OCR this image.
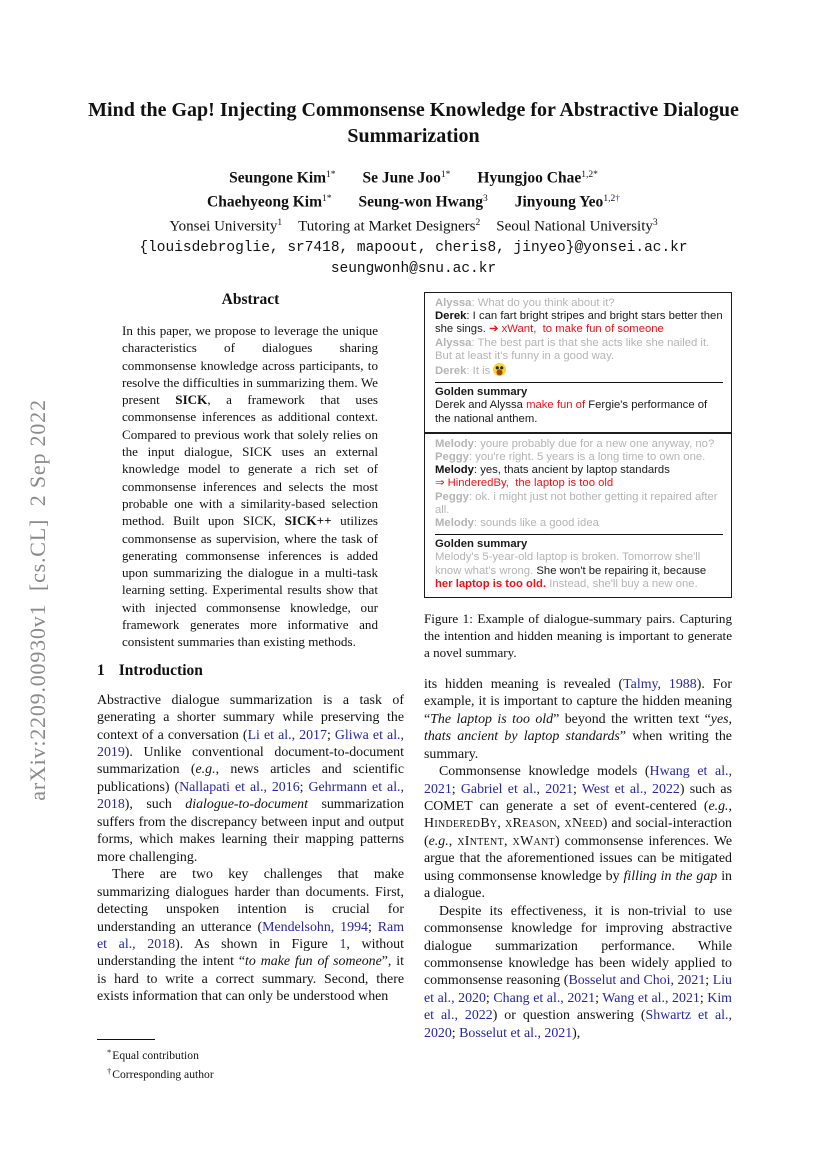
arXiv:2209.00930v1  [cs.CL]  2 Sep 2022
Mind the Gap! Injecting Commonsense Knowledge for Abstractive Dialogue Summarization
Seungone Kim$^{1*}$ Se June Joo$^{1*}$ Hyungjoo Chae$^{1,2*}$
Chaehyeong Kim$^{1*}$ Seung-won Hwang$^3$ Jinyoung Yeo$^{1,2\dagger}$
Yonsei University$^1$ Tutoring at Market Designers$^2$ Seoul National University$^3$
{louisdebroglie, sr7418, mapoout, cheris8, jinyeo}@yonsei.ac.kr
seungwonh@snu.ac.kr
Abstract

In this paper, we propose to leverage the unique characteristics of dialogues sharing commonsense knowledge across participants, to resolve the difficulties in summarizing them. We present SICK, a framework that uses commonsense inferences as additional context. Compared to previous work that solely relies on the input dialogue, SICK uses an external knowledge model to generate a rich set of commonsense inferences and selects the most probable one with a similarity-based selection method. Built upon SICK, SICK++ utilizes commonsense as supervision, where the task of generating commonsense inferences is added upon summarizing the dialogue in a multi-task learning setting. Experimental results show that with injected commonsense knowledge, our framework generates more informative and consistent summaries than existing methods.

1 Introduction

Abstractive dialogue summarization is a task of generating a shorter summary while preserving the context of a conversation (Li et al., 2017; Gliwa et al., 2019). Unlike conventional document-to-document summarization (e.g., news articles and scientific publications) (Nallapati et al., 2016; Gehrmann et al., 2018), such dialogue-to-document summarization suffers from the discrepancy between input and output forms, which makes learning their mapping patterns more challenging.

There are two key challenges that make summarizing dialogues harder than documents. First, detecting unspoken intention is crucial for understanding an utterance (Mendelsohn, 1994; Ram et al., 2018). As shown in Figure 1, without understanding the intent “to make fun of someone”, it is hard to write a correct summary. Second, there exists information that can only be understood when

Alyssa: What do you think about it?
Derek: I can fart bright stripes and bright stars better then she sings. ➔ xWant,  to make fun of someone
Alyssa: The best part is that she acts like she nailed it. But at least it's funny in a good way.
Derek: It is
Golden summary
Derek and Alyssa make fun of Fergie's performance of the national anthem.
Melody: youre probably due for a new one anyway, no?
Peggy: you're right. 5 years is a long time to own one.
Melody: yes, thats ancient by laptop standards
⇒ HinderedBy,  the laptop is too old
Peggy: ok. i might just not bother getting it repaired after all.
Melody: sounds like a good idea
Golden summary
Melody's 5-year-old laptop is broken. Tomorrow she'll know what's wrong. She won't be repairing it, because her laptop is too old. Instead, she'll buy a new one.
Figure 1: Example of dialogue-summary pairs. Capturing the intention and hidden meaning is important to generate a novel summary.

its hidden meaning is revealed (Talmy, 1988). For example, it is important to capture the hidden meaning “The laptop is too old” beyond the written text “yes, thats ancient by laptop standards” when writing the summary.

Commonsense knowledge models (Hwang et al., 2021; Gabriel et al., 2021; West et al., 2022) such as COMET can generate a set of event-centered (e.g., HinderedBy, xReason, xNeed) and social-interaction (e.g., xIntent, xWant) commonsense inferences. We argue that the aforementioned issues can be mitigated using commonsense knowledge by filling in the gap in a dialogue.

Despite its effectiveness, it is non-trivial to use commonsense knowledge for improving abstractive dialogue summarization performance. While commonsense knowledge has been widely applied to commonsense reasoning (Bosselut and Choi, 2021; Liu et al., 2020; Chang et al., 2021; Wang et al., 2021; Kim et al., 2022) or question answering (Shwartz et al., 2020; Bosselut et al., 2021),

*Equal contribution
†Corresponding author
